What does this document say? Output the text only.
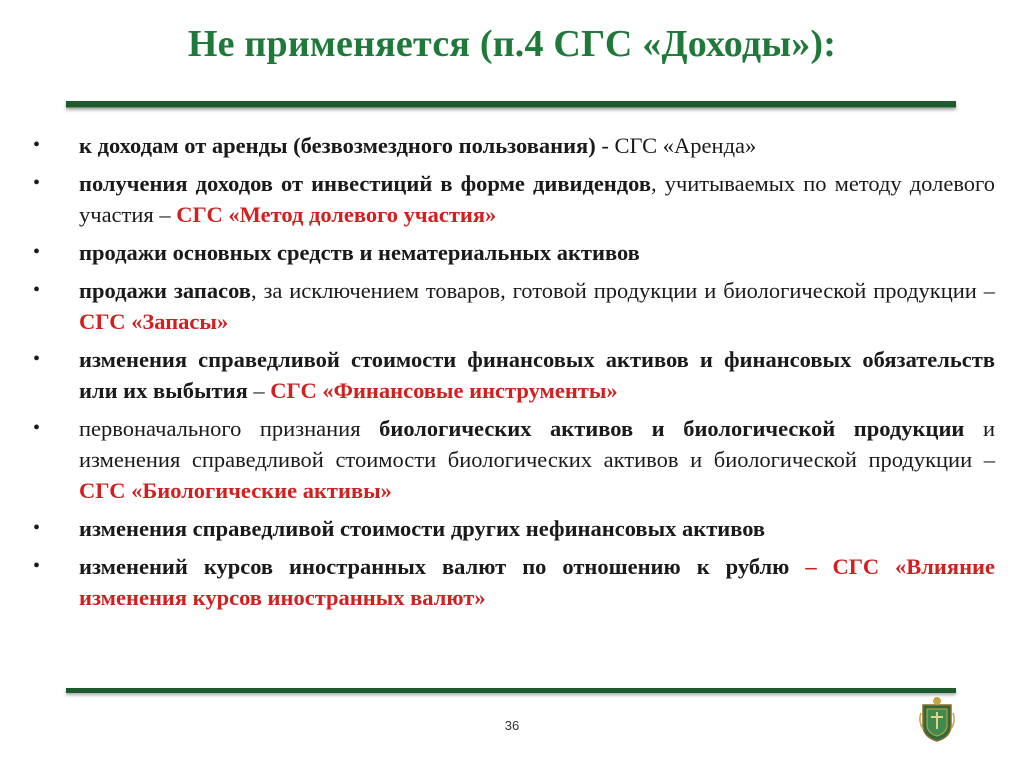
Не применяется (п.4 СГС «Доходы»):
• к доходам от аренды (безвозмездного пользования) - СГС «Аренда»
• получения доходов от инвестиций в форме дивидендов, учитываемых по методу долевого участия – СГС «Метод долевого участия»
• продажи основных средств и нематериальных активов
• продажи запасов, за исключением товаров, готовой продукции и биологической продукции – СГС «Запасы»
• изменения справедливой стоимости финансовых активов и финансовых обязательств или их выбытия – СГС «Финансовые инструменты»
• первоначального признания биологических активов и биологической продукции и изменения справедливой стоимости биологических активов и биологической продукции – СГС «Биологические активы»
• изменения справедливой стоимости других нефинансовых активов
• изменений курсов иностранных валют по отношению к рублю – СГС «Влияние изменения курсов иностранных валют»
36
